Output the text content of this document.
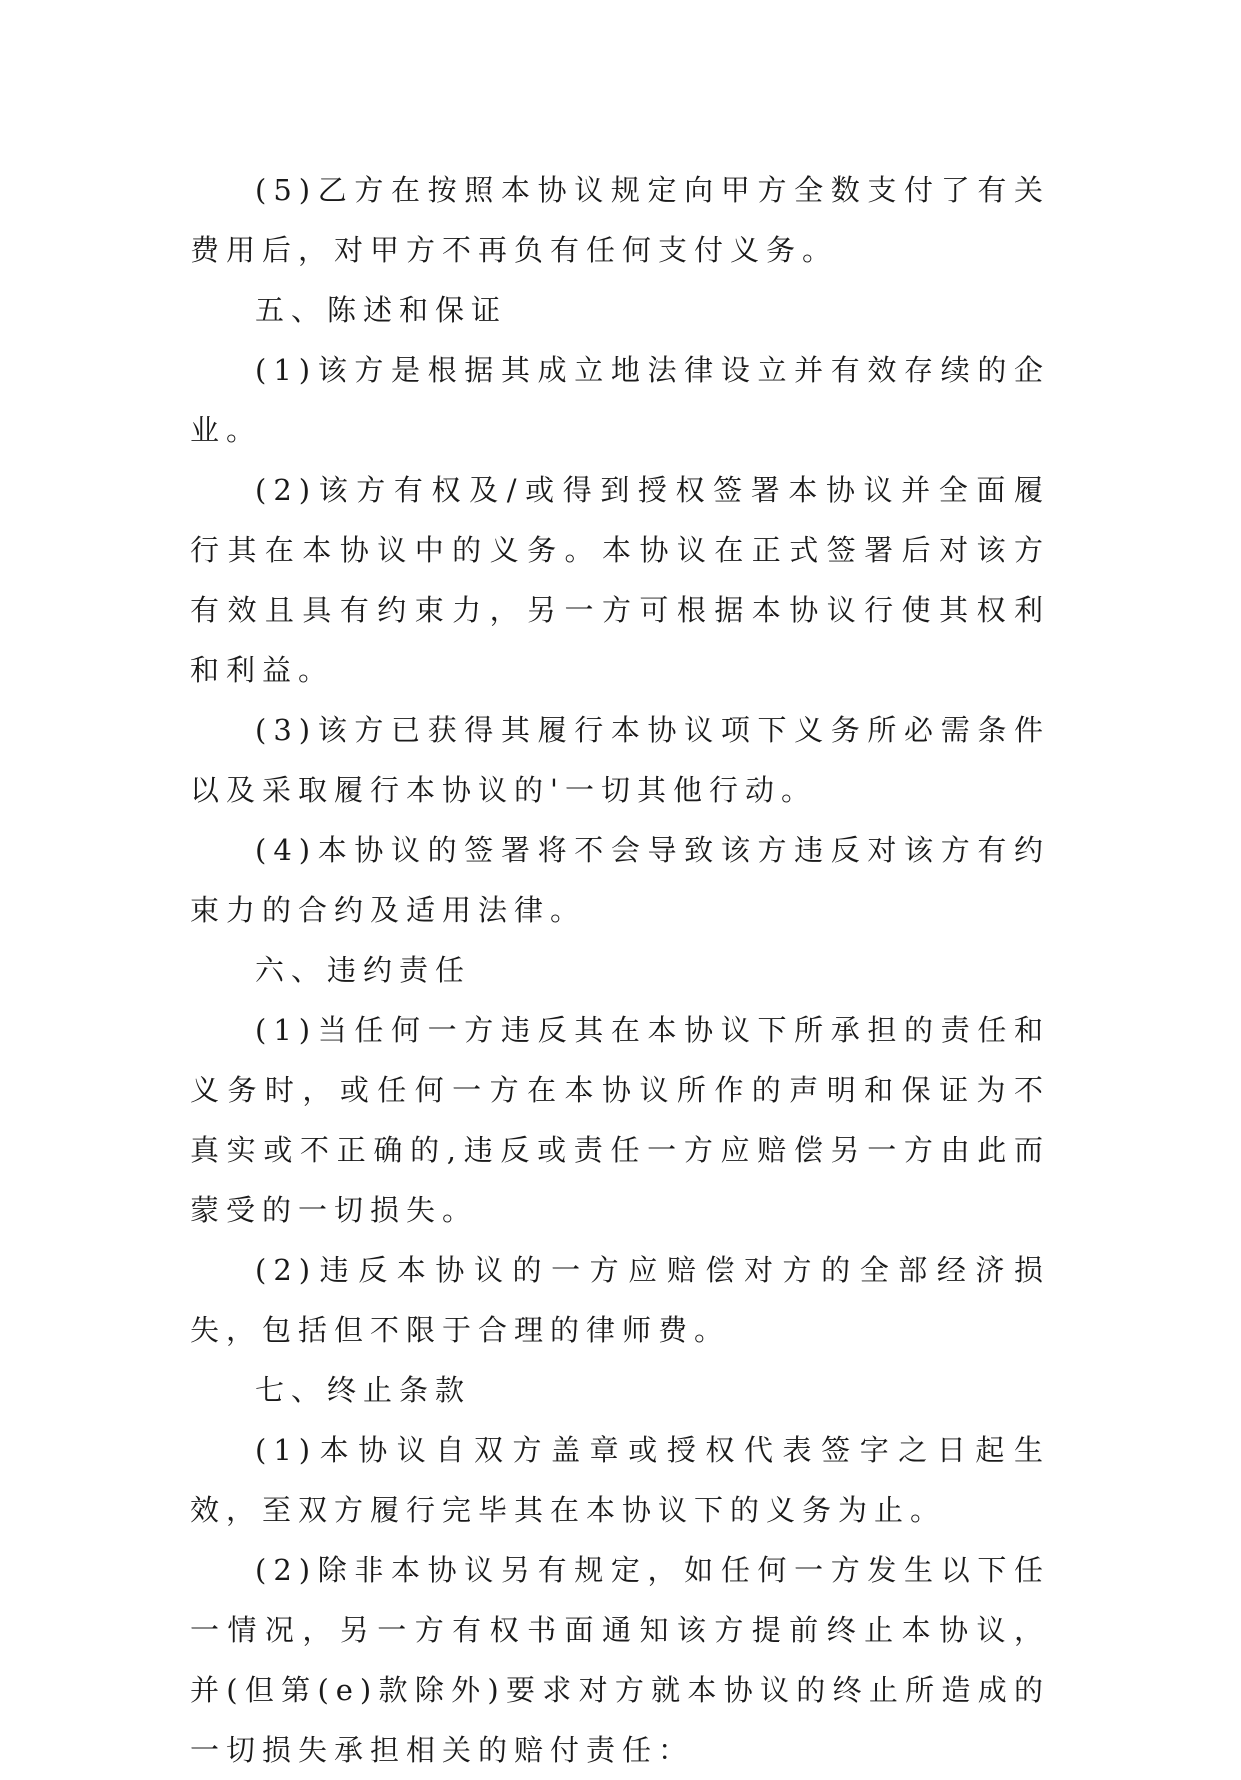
(5)乙方在按照本协议规定向甲方全数支付了有关费用后，对甲方不再负有任何支付义务。

五、陈述和保证

(1)该方是根据其成立地法律设立并有效存续的企业。

(2)该方有权及/或得到授权签署本协议并全面履行其在本协议中的义务。本协议在正式签署后对该方有效且具有约束力，另一方可根据本协议行使其权利和利益。

(3)该方已获得其履行本协议项下义务所必需条件以及采取履行本协议的'一切其他行动。

(4)本协议的签署将不会导致该方违反对该方有约束力的合约及适用法律。

六、违约责任

(1)当任何一方违反其在本协议下所承担的责任和义务时，或任何一方在本协议所作的声明和保证为不真实或不正确的,违反或责任一方应赔偿另一方由此而蒙受的一切损失。

(2)违反本协议的一方应赔偿对方的全部经济损失，包括但不限于合理的律师费。

七、终止条款

(1)本协议自双方盖章或授权代表签字之日起生效，至双方履行完毕其在本协议下的义务为止。

(2)除非本协议另有规定，如任何一方发生以下任一情况，另一方有权书面通知该方提前终止本协议，并(但第(e)款除外)要求对方就本协议的终止所造成的一切损失承担相关的赔付责任：
